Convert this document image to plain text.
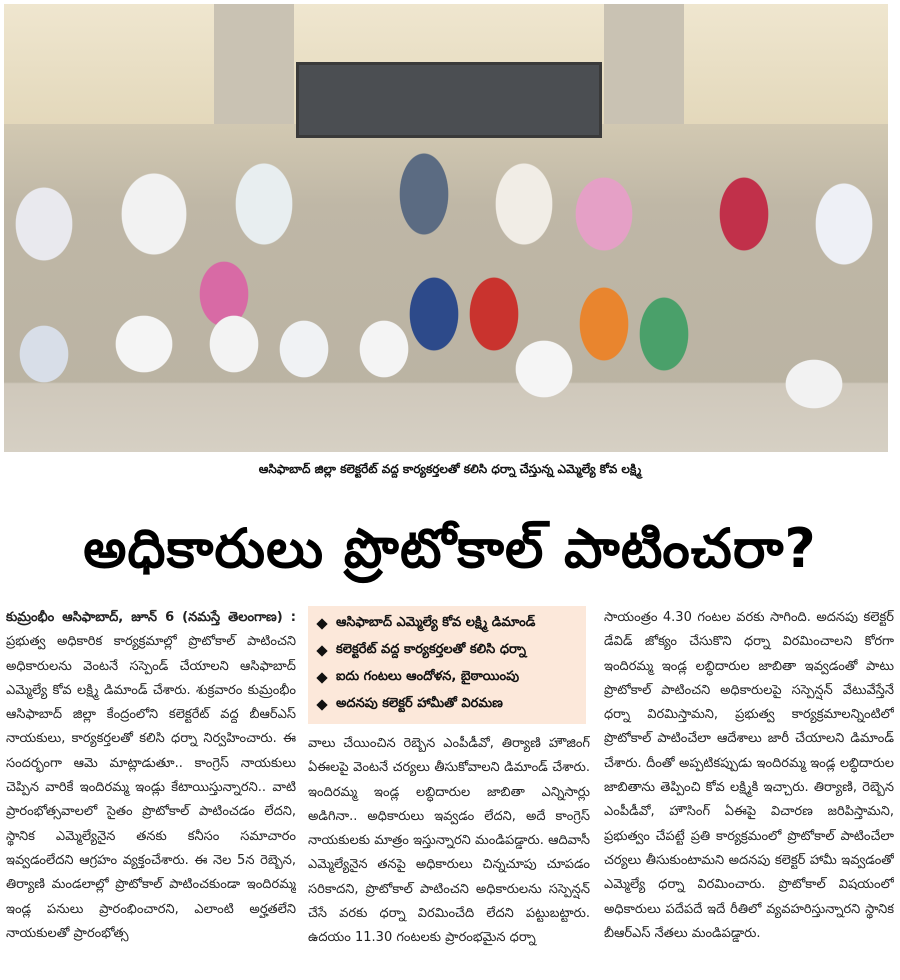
ఆసిఫాబాద్ జిల్లా కలెక్టరేట్ వద్ద కార్యకర్తలతో కలిసి ధర్నా చేస్తున్న ఎమ్మెల్యే కోవ లక్ష్మి
అధికారులు ప్రొటోకాల్ పాటించరా?
కుమ్రంభీం ఆసిఫాబాద్, జూన్ 6 (నమస్తే తెలంగాణ) : ప్రభుత్వ అధికారిక కార్యక్రమాల్లో ప్రొటోకాల్ పాటించని అధికారులను వెంటనే సస్పెండ్ చేయాలని ఆసిఫాబాద్ ఎమ్మెల్యే కోవ లక్ష్మి డిమాండ్ చేశారు. శుక్రవారం కుమ్రంభీం ఆసిఫాబాద్ జిల్లా కేంద్రంలోని కలెక్టరేట్ వద్ద బీఆర్ఎస్ నాయకులు, కార్యకర్తలతో కలిసి ధర్నా నిర్వహించారు. ఈ సందర్భంగా ఆమె మాట్లాడుతూ.. కాంగ్రెస్ నాయకులు చెప్పిన వారికే ఇందిరమ్మ ఇండ్లు కేటాయిస్తున్నారని.. వాటి ప్రారంభోత్సవాలలో సైతం ప్రొటోకాల్ పాటించడం లేదని, స్థానిక ఎమ్మెల్యేనైన తనకు కనీసం సమాచారం ఇవ్వడంలేదని ఆగ్రహం వ్యక్తంచేశారు. ఈ నెల 5న రెబ్బెన, తిర్యాణి మండలాల్లో ప్రొటోకాల్ పాటించకుండా ఇందిరమ్మ ఇండ్ల పనులు ప్రారంభించారని, ఎలాంటి అర్హతలేని నాయకులతో ప్రారంభోత్స
ఆసిఫాబాద్ ఎమ్మెల్యే కోవ లక్ష్మి డిమాండ్
కలెక్టరేట్ వద్ద కార్యకర్తలతో కలిసి ధర్నా
ఐదు గంటలు ఆందోళన, బైఠాయింపు
అదనపు కలెక్టర్ హామీతో విరమణ
వాలు చేయించిన రెబ్బెన ఎంపీడీవో, తిర్యాణి హౌజింగ్ ఏఈలపై వెంటనే చర్యలు తీసుకోవాలని డిమాండ్ చేశారు. ఇందిరమ్మ ఇండ్ల లబ్ధిదారుల జాబితా ఎన్నిసార్లు అడిగినా.. అధికారులు ఇవ్వడం లేదని, అదే కాంగ్రెస్ నాయకులకు మాత్రం ఇస్తున్నారని మండిపడ్డారు. ఆదివాసీ ఎమ్మెల్యేనైన తనపై అధికారులు చిన్నచూపు చూపడం సరికాదని, ప్రొటోకాల్ పాటించని అధికారులను సస్పెన్షన్ చేసే వరకు ధర్నా విరమించేది లేదని పట్టుబట్టారు. ఉదయం 11.30 గంటలకు ప్రారంభమైన ధర్నా
సాయంత్రం 4.30 గంటల వరకు సాగింది. అదనపు కలెక్టర్ డేవిడ్ జోక్యం చేసుకొని ధర్నా విరమించాలని కోరగా ఇందిరమ్మ ఇండ్ల లబ్ధిదారుల జాబితా ఇవ్వడంతో పాటు ప్రొటోకాల్ పాటించని అధికారులపై సస్పెన్షన్ వేటువేస్తేనే ధర్నా విరమిస్తామని, ప్రభుత్వ కార్యక్రమాలన్నింటిలో ప్రొటోకాల్ పాటించేలా ఆదేశాలు జారీ చేయాలని డిమాండ్ చేశారు. దీంతో అప్పటికప్పుడు ఇందిరమ్మ ఇండ్ల లబ్ధిదారుల జాబితాను తెప్పించి కోవ లక్ష్మికి ఇచ్చారు. తిర్యాణి, రెబ్బెన ఎంపీడీవో, హౌసింగ్ ఏఈపై విచారణ జరిపిస్తామని, ప్రభుత్వం చేపట్టే ప్రతి కార్యక్రమంలో ప్రొటోకాల్ పాటించేలా చర్యలు తీసుకుంటామని అదనపు కలెక్టర్ హామీ ఇవ్వడంతో ఎమ్మెల్యే ధర్నా విరమించారు. ప్రొటోకాల్ విషయంలో అధికారులు పదేపదే ఇదే రీతిలో వ్యవహరిస్తున్నారని స్థానిక బీఆర్ఎస్ నేతలు మండిపడ్డారు.
